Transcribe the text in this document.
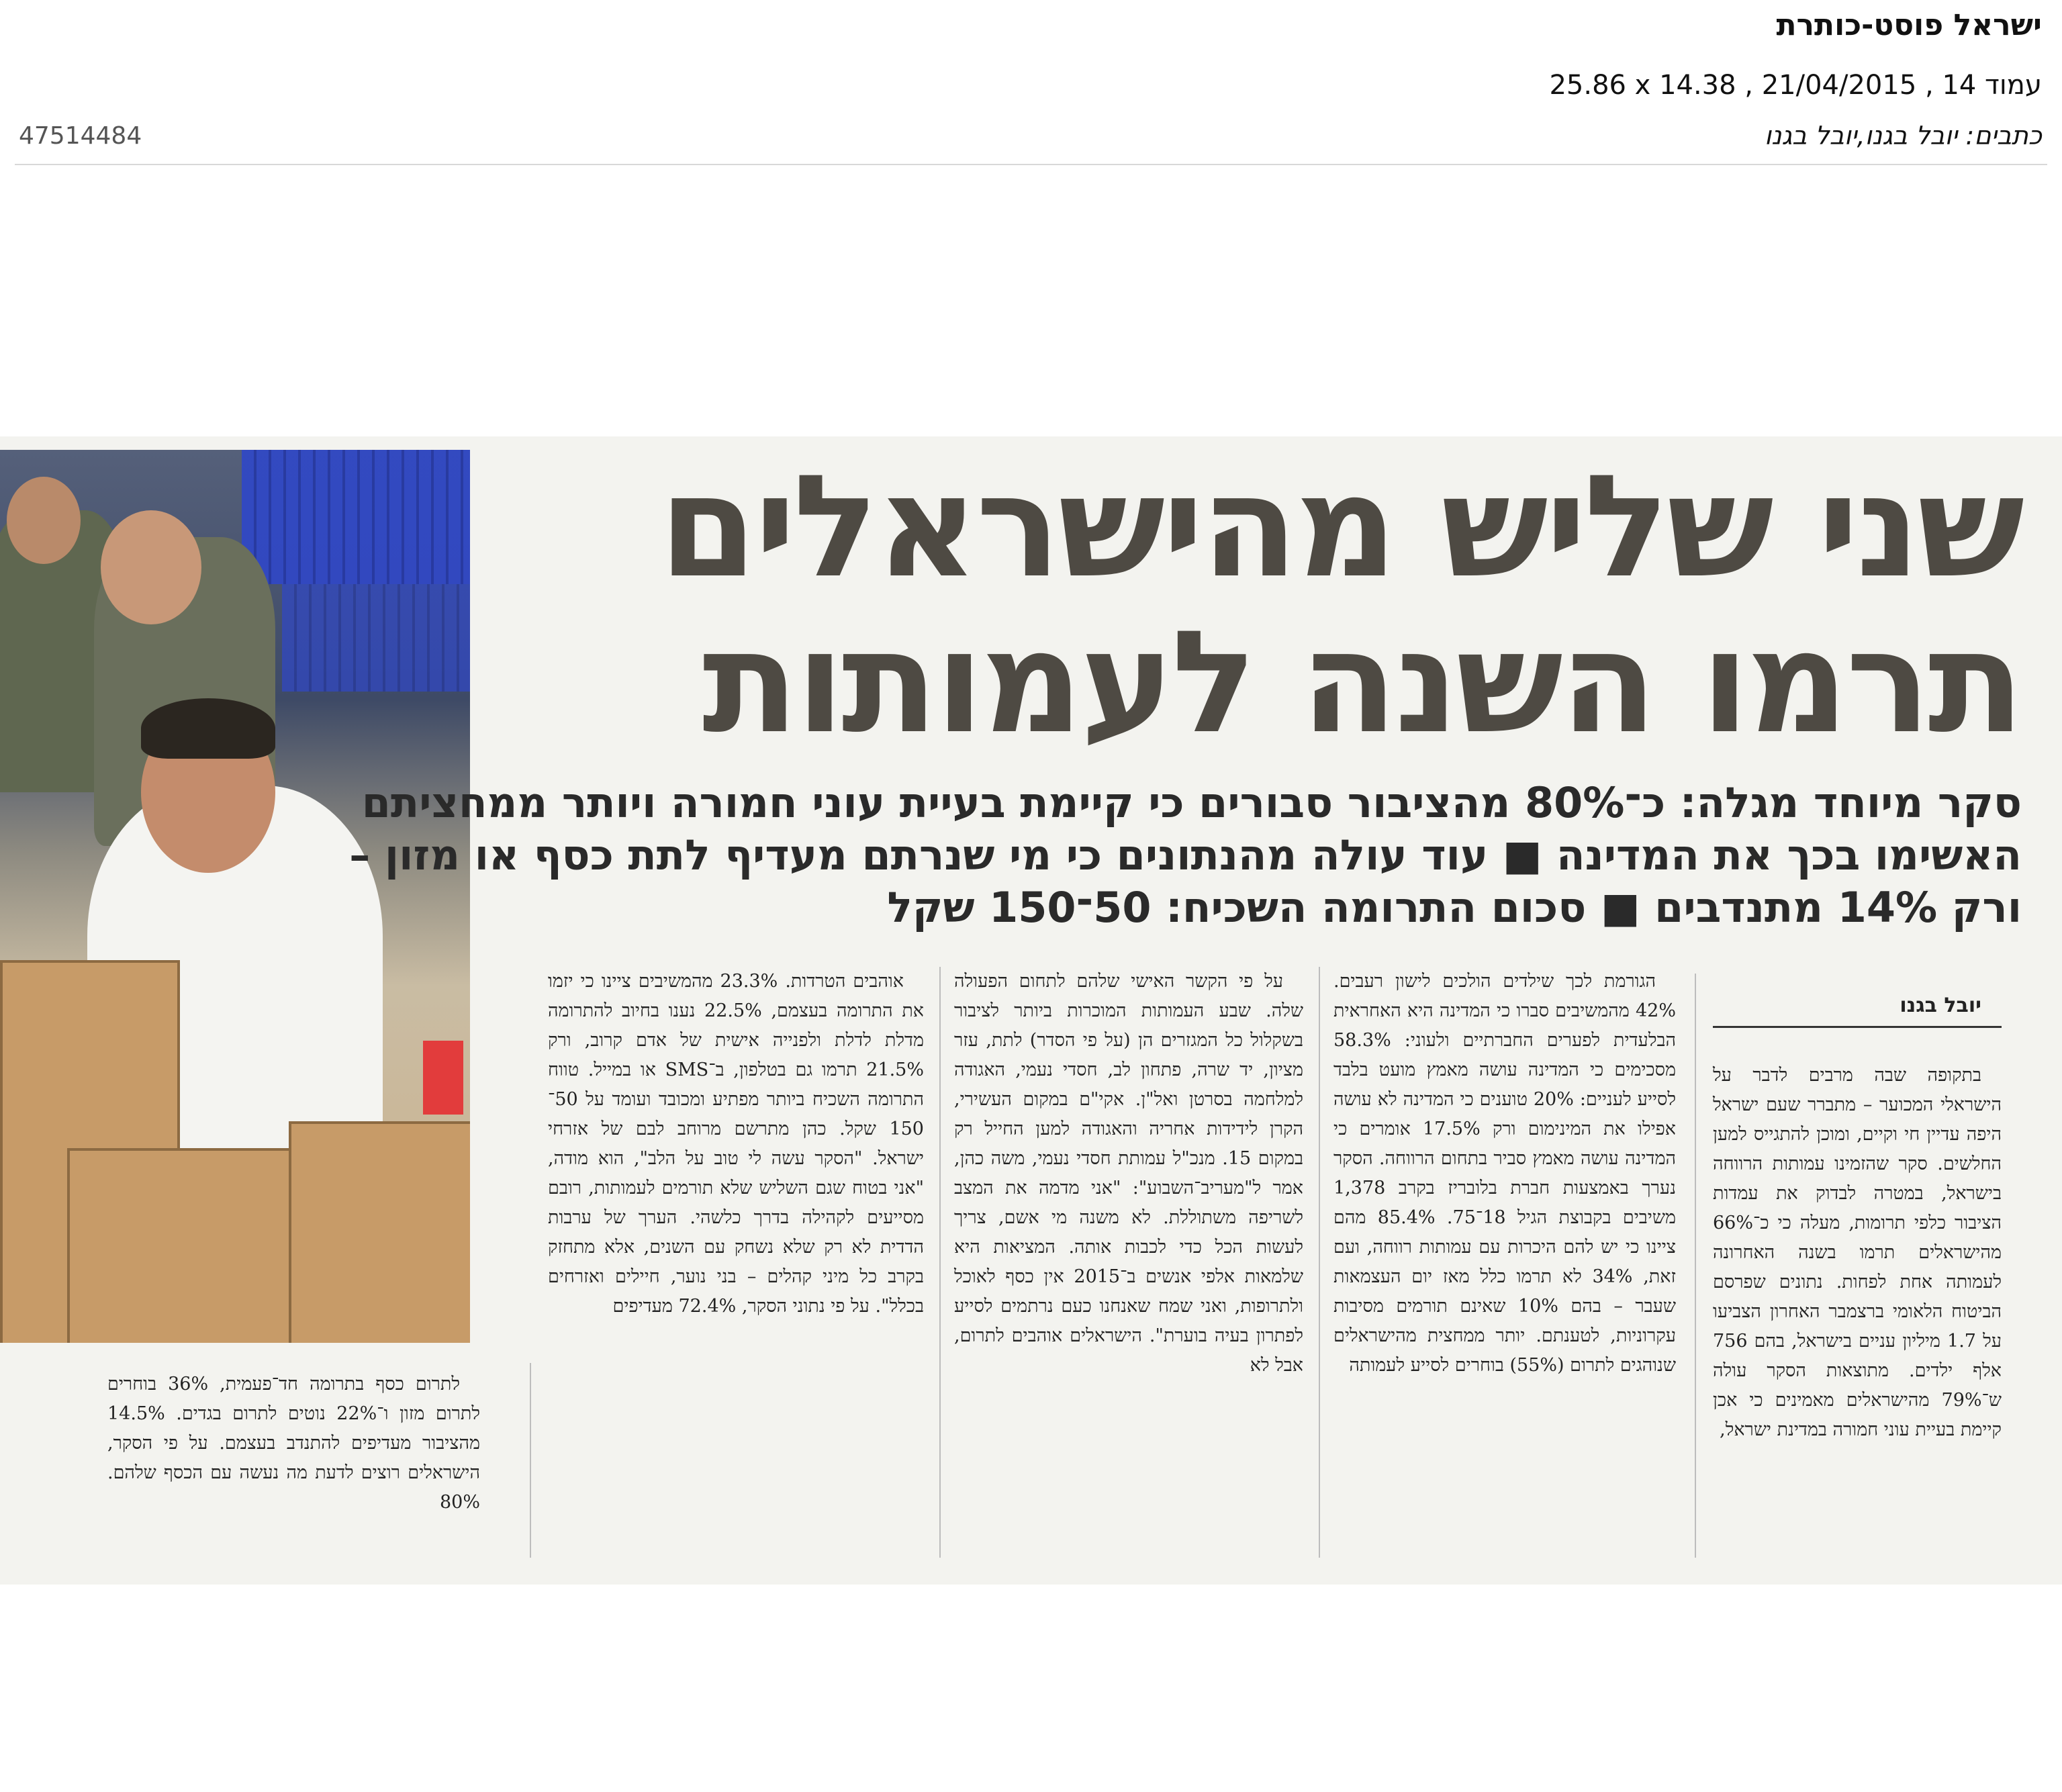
ישראל פוסט-כותרת
עמוד 14 , 21/04/2015 , 25.86 x 14.38
כתבים: יובל בגנו,יובל בגנו
47514484
שני שליש מהישראלים
תרמו השנה לעמותות
סקר מיוחד מגלה: כ־80% מהציבור סבורים כי קיימת בעיית עוני חמורה ויותר ממחציתם
האשימו בכך את המדינה ■ עוד עולה מהנתונים כי מי שנרתם מעדיף לתת כסף או מזון –
ורק 14% מתנדבים ■ סכום התרומה השכיח: 50־150 שקל
יובל בגנו

בתקופה שבה מרבים לדבר על הישראלי המכוער – מתברר שעם ישראל היפה עדיין חי וקיים, ומוכן להתגייס למען החלשים. סקר שהזמינו עמותות הרווחה בישראל, במטרה לבדוק את עמדות הציבור כלפי תרומות, מעלה כי כ־66% מהישראלים תרמו בשנה האחרונה לעמותה אחת לפחות. נתונים שפרסם הביטוח הלאומי ברצמבר האחרון הצביעו על 1.7 מיליון עניים בישראל, בהם 756 אלף ילדים. מתוצאות הסקר עולה ש־79% מהישראלים מאמינים כי אכן קיימת בעיית עוני חמורה במדינת ישראל,

הגורמת לכך שילדים הולכים לישון רעבים. 42% מהמשיבים סברו כי המדינה היא האחראית הבלעדית לפערים החברתיים ולעוני: 58.3% מסכימים כי המדינה עושה מאמץ מועט בלבד לסייע לעניים: 20% טוענים כי המדינה לא עושה אפילו את המינימום ורק 17.5% אומרים כי המדינה עושה מאמץ סביר בתחום הרווחה. הסקר נערך באמצעות חברת בלובריז בקרב 1,378 משיבים בקבוצת הגיל 18־75. 85.4% מהם ציינו כי יש להם היכרות עם עמותות רווחה, ועם זאת, 34% לא תרמו כלל מאז יום העצמאות שעבר – בהם 10% שאינם תורמים מסיבות עקרוניות, לטענתם. יותר ממחצית מהישראלים שנוהגים לתרום (55%) בוחרים לסייע לעמותה

על פי הקשר האישי שלהם לתחום הפעולה שלה. שבע העמותות המוכרות ביותר לציבור בשקלול כל המגזרים הן (על פי הסדר) לתת, עזר מציון, יד שרה, פתחון לב, חסדי נעמי, האגודה למלחמה בסרטן ואל"ן. אקי"ם במקום העשירי, הקרן לידידות אחריה והאגודה למען החייל רק במקום 15. מנכ"ל עמותת חסדי נעמי, משה כהן, אמר ל"מעריב־השבוע": "אני מדמה את המצב לשריפה משתוללת. לא משנה מי אשם, צריך לעשות הכל כדי לכבות אותה. המציאות היא שלמאות אלפי אנשים ב־2015 אין כסף לאוכל ולתרופות, ואני שמח שאנחנו כעם נרתמים לסייע לפתרון בעיה בוערת". הישראלים אוהבים לתרום, אבל לא

אוהבים הטרדות. 23.3% מהמשיבים ציינו כי יזמו את התרומה בעצמם, 22.5% נענו בחיוב להתרומה מדלת לדלת ולפנייה אישית של אדם קרוב, ורק 21.5% תרמו גם בטלפון, ב־SMS או במייל. טווח התרומה השכיח ביותר מפתיע ומכובד ועומד על 50־150 שקל. כהן מתרשם מרוחב לבם של אזרחי ישראל. "הסקר עשה לי טוב על הלב", הוא מודה, "אני בטוח שגם השליש שלא תורמים לעמותות, רובם מסייעים לקהילה בדרך כלשהי. הערך של ערבות הדדית לא רק שלא נשחק עם השנים, אלא מתחזק בקרב כל מיני קהלים – בני נוער, חיילים ואזרחים בכלל". על פי נתוני הסקר, 72.4% מעדיפים

לתרום כסף בתרומה חד־פעמית, 36% בוחרים לתרום מזון ו־22% נוטים לתרום בגדים. 14.5% מהציבור מעדיפים להתנדב בעצמם. על פי הסקר, הישראלים רוצים לדעת מה נעשה עם הכסף שלהם. 80%
